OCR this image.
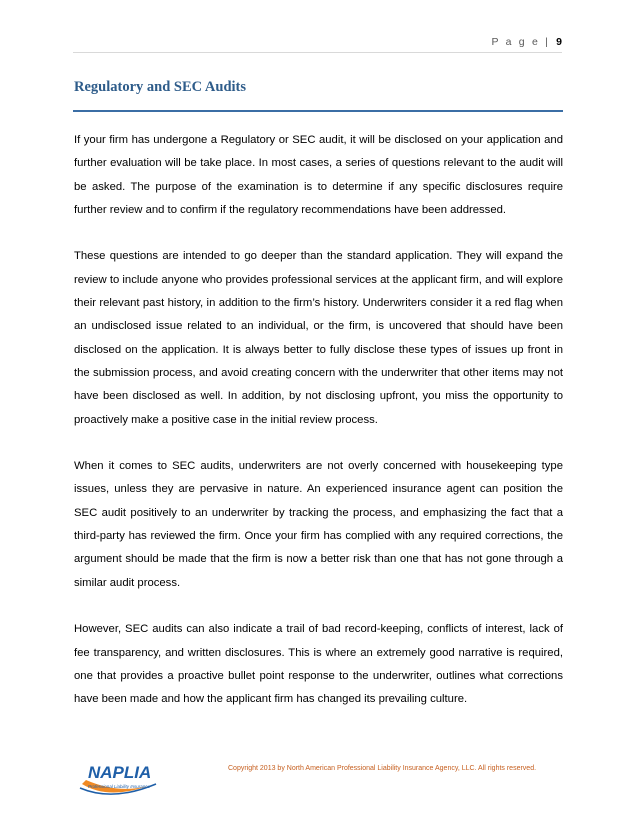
P a g e | 9
Regulatory and SEC Audits

If your firm has undergone a Regulatory or SEC audit, it will be disclosed on your application and further evaluation will be take place. In most cases, a series of questions relevant to the audit will be asked. The purpose of the examination is to determine if any specific disclosures require further review and to confirm if the regulatory recommendations have been addressed.

These questions are intended to go deeper than the standard application. They will expand the review to include anyone who provides professional services at the applicant firm, and will explore their relevant past history, in addition to the firm’s history. Underwriters consider it a red flag when an undisclosed issue related to an individual, or the firm, is uncovered that should have been disclosed on the application. It is always better to fully disclose these types of issues up front in the submission process, and avoid creating concern with the underwriter that other items may not have been disclosed as well. In addition, by not disclosing upfront, you miss the opportunity to proactively make a positive case in the initial review process.

When it comes to SEC audits, underwriters are not overly concerned with housekeeping type issues, unless they are pervasive in nature. An experienced insurance agent can position the SEC audit positively to an underwriter by tracking the process, and emphasizing the fact that a third-party has reviewed the firm. Once your firm has complied with any required corrections, the argument should be made that the firm is now a better risk than one that has not gone through a similar audit process.

However, SEC audits can also indicate a trail of bad record-keeping, conflicts of interest, lack of fee transparency, and written disclosures. This is where an extremely good narrative is required, one that provides a proactive bullet point response to the underwriter, outlines what corrections have been made and how the applicant firm has changed its prevailing culture.

NAPLIA
Professional Liability Insurance
Copyright 2013 by North American Professional Liability Insurance Agency, LLC. All rights reserved.
